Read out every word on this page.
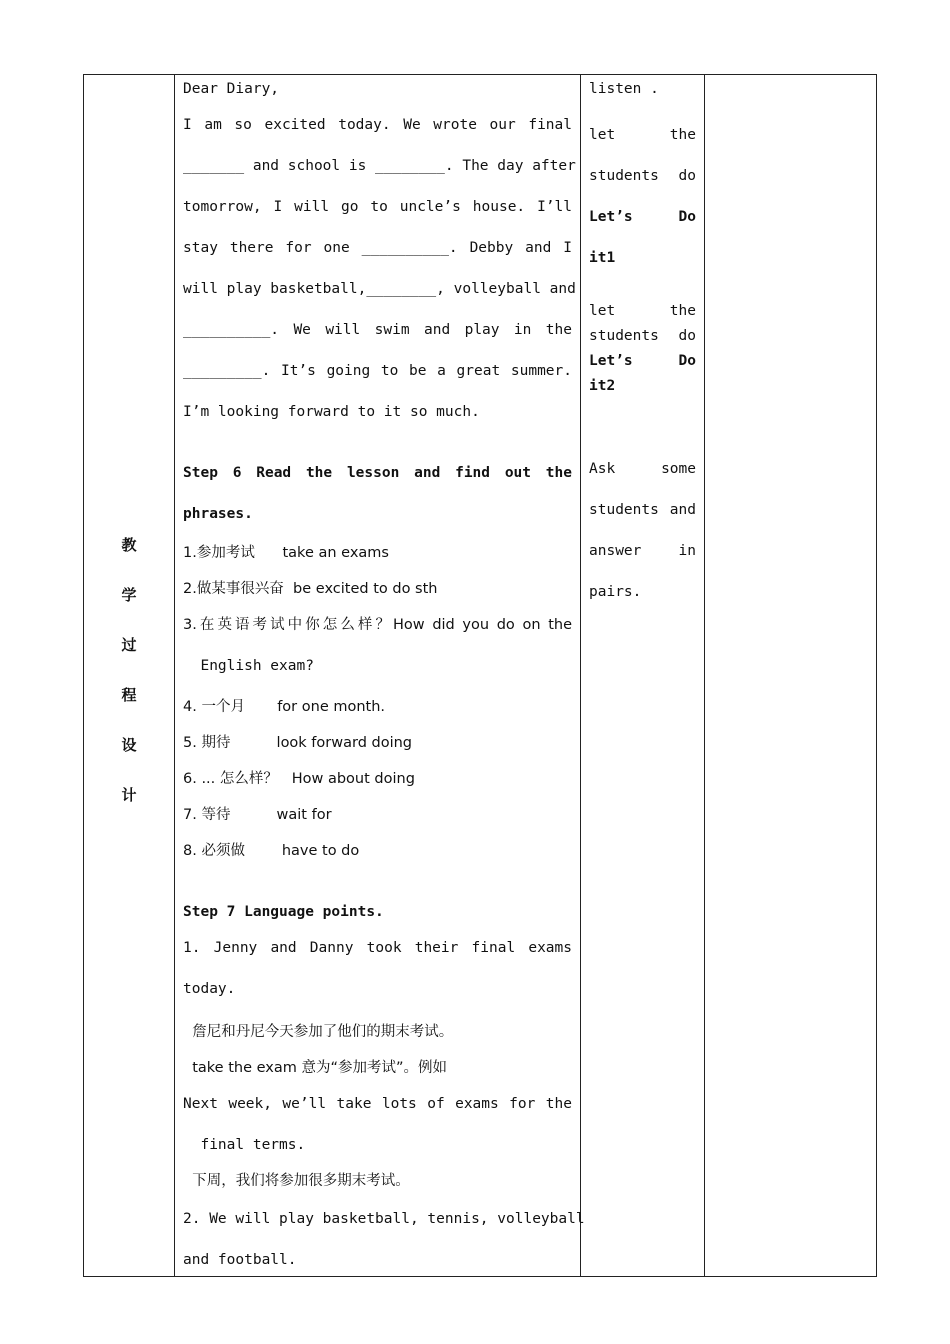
教
学
过
程
设
计

Dear Diary,
I am so excited today. We wrote our final
_______ and school is ________. The day after
tomorrow, I will go to uncle’s house. I’ll
stay there for one __________. Debby and I
will play basketball,________, volleyball and
__________. We will swim and play in the
_________. It’s going to be a great summer.
I’m looking forward to it so much.
Step 6 Read the lesson and find out the
phrases.
1.参加考试      take an exams
2.做某事很兴奋  be excited to do sth
3.在英语考试中你怎么样？How did you do on the
English exam?
4. 一个月       for one month.
5. 期待          look forward doing
6. ... 怎么样？   How about doing
7. 等待          wait for
8. 必须做        have to do
Step 7 Language points.
1. Jenny and Danny took their final exams
today.
詹尼和丹尼今天参加了他们的期末考试。
take the exam 意为“参加考试”。例如
Next week, we’ll take lots of exams for the
final terms.
下周，我们将参加很多期末考试。
2. We will play basketball, tennis, volleyball
and football.

listen .
let the
students do
Let’s Do
it1
let the
students do
Let’s Do
it2
Ask some
students and
answer in
pairs.
